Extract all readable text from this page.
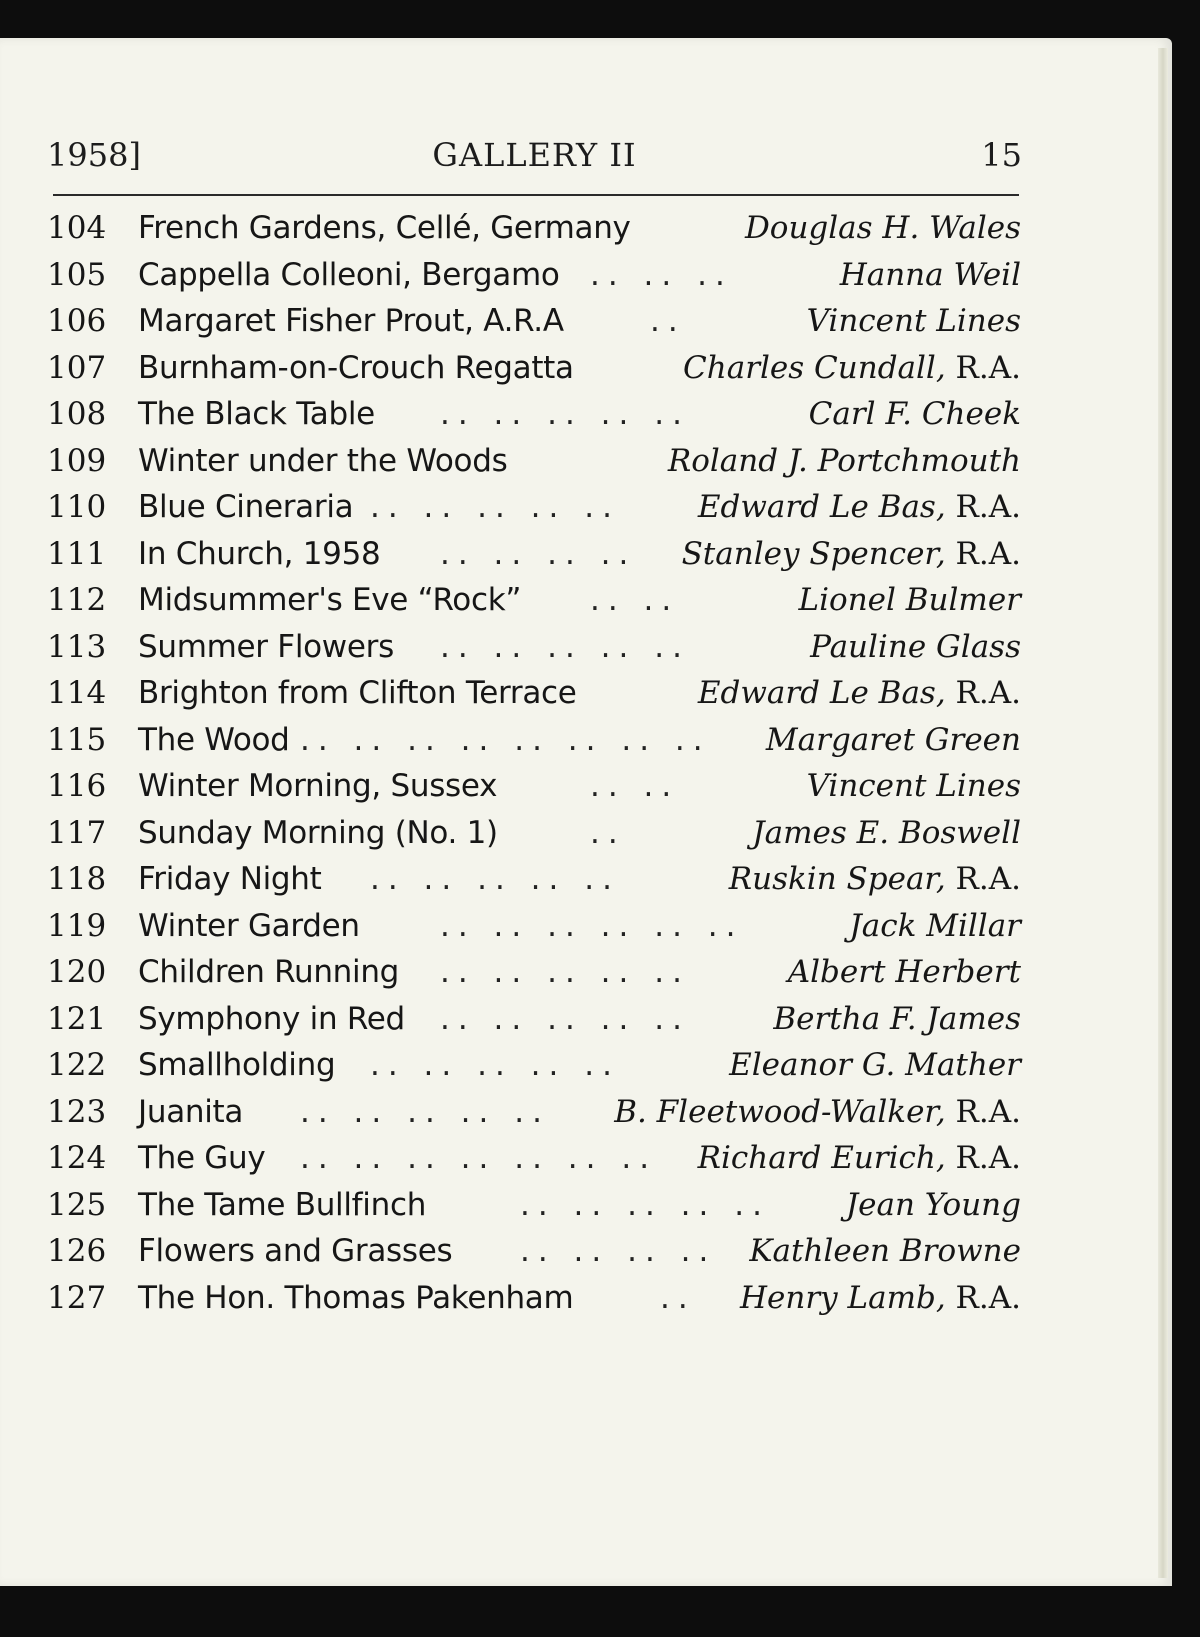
1958]	GALLERY II	15
104 French Gardens, Cellé, Germany	Douglas H. Wales
105 Cappella Colleoni, Bergamo .. .. ..	Hanna Weil
106 Margaret Fisher Prout, A.R.A	..	Vincent Lines
107 Burnham-on-Crouch Regatta	Charles Cundall, R.A.
108 The Black Table .. .. .. .. ..	Carl F. Cheek
109 Winter under the Woods	Roland J. Portchmouth
110 Blue Cineraria .. .. .. .. ..	Edward Le Bas, R.A.
111 In Church, 1958 .. .. .. .. Stanley Spencer, R.A.
112 Midsummer's Eve “Rock” .. ..	Lionel Bulmer
113 Summer Flowers .. .. .. .. ..	Pauline Glass
114 Brighton from Clifton Terrace	Edward Le Bas, R.A.
115 The Wood .. .. .. .. .. .. .. .. Margaret Green
116 Winter Morning, Sussex	.. ..	Vincent Lines
117 Sunday Morning (No. 1)	..	James E. Boswell
118 Friday Night .. .. .. .. ..	Ruskin Spear, R.A.
119 Winter Garden	.. .. .. .. .. ..	Jack Millar
120 Children Running .. .. .. .. ..	Albert Herbert
121 Symphony in Red .. .. .. .. ..	Bertha F. James
122 Smallholding .. .. .. .. ..	Eleanor G. Mather
123 Juanita .. .. .. .. .. B. Fleetwood-Walker, R.A.
124 The Guy .. .. .. .. .. .. .. Richard Eurich, R.A.
125 The Tame Bullfinch	.. .. .. .. .. Jean Young
126 Flowers and Grasses .. .. .. .. Kathleen Browne
127 The Hon. Thomas Pakenham	.. Henry Lamb, R.A.
